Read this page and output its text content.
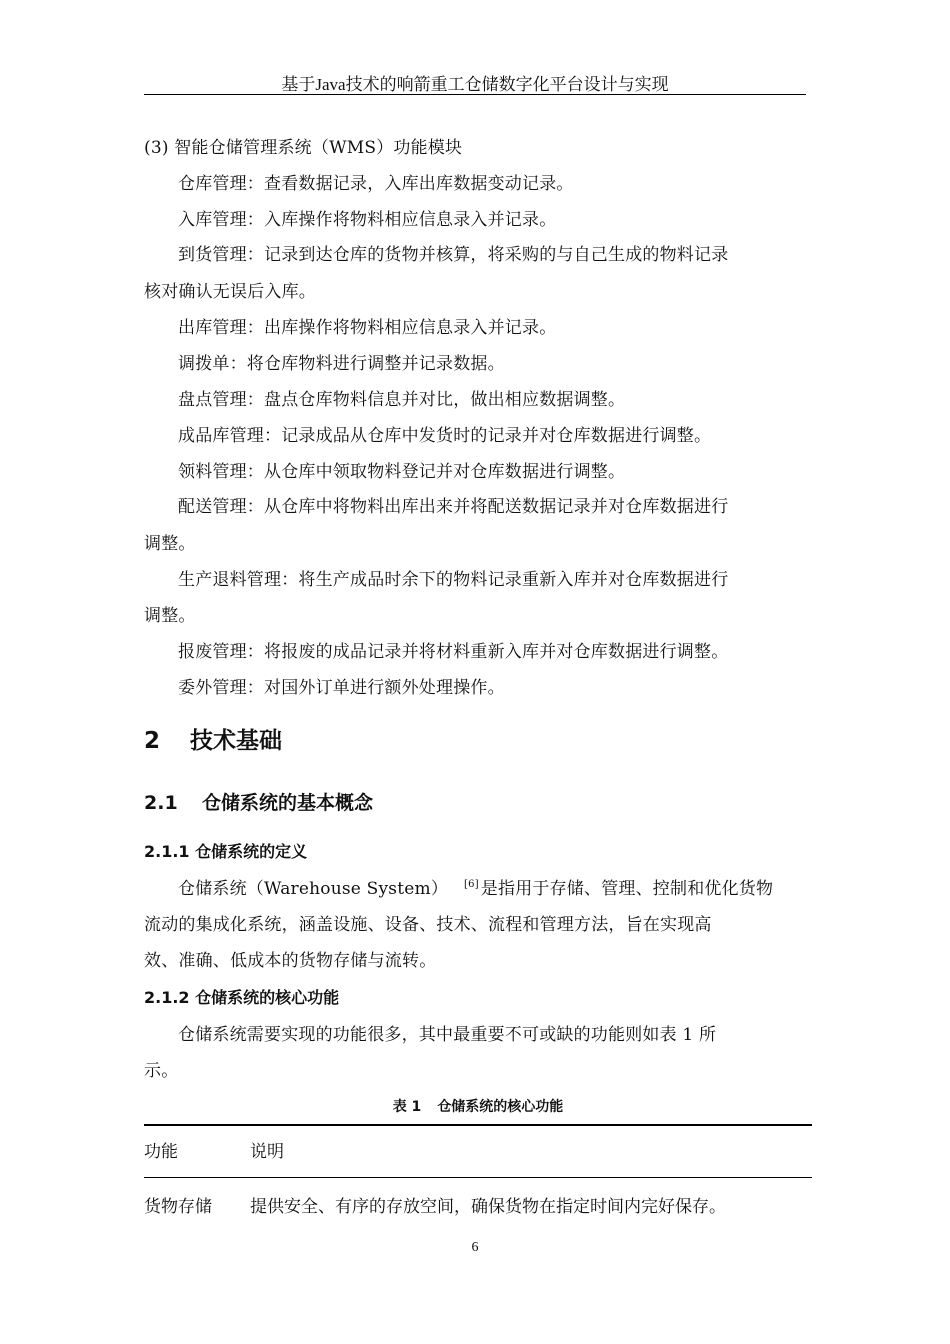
基于Java技术的响箭重工仓储数字化平台设计与实现
(3) 智能仓储管理系统（WMS）功能模块
仓库管理：查看数据记录，入库出库数据变动记录。
入库管理：入库操作将物料相应信息录入并记录。
到货管理：记录到达仓库的货物并核算，将采购的与自己生成的物料记录
核对确认无误后入库。
出库管理：出库操作将物料相应信息录入并记录。
调拨单：将仓库物料进行调整并记录数据。
盘点管理：盘点仓库物料信息并对比，做出相应数据调整。
成品库管理：记录成品从仓库中发货时的记录并对仓库数据进行调整。
领料管理：从仓库中领取物料登记并对仓库数据进行调整。
配送管理：从仓库中将物料出库出来并将配送数据记录并对仓库数据进行
调整。
生产退料管理：将生产成品时余下的物料记录重新入库并对仓库数据进行
调整。
报废管理：将报废的成品记录并将材料重新入库并对仓库数据进行调整。
委外管理：对国外订单进行额外处理操作。
2 技术基础
2.1 仓储系统的基本概念
2.1.1 仓储系统的定义
仓储系统（Warehouse System） [6] 是指用于存储、管理、控制和优化货物
流动的集成化系统，涵盖设施、设备、技术、流程和管理方法，旨在实现高
效、准确、低成本的货物存储与流转。
2.1.2 仓储系统的核心功能
仓储系统需要实现的功能很多，其中最重要不可或缺的功能则如表 1 所
示。
表 1 仓储系统的核心功能
功能	说明
货物存储 提供安全、有序的存放空间，确保货物在指定时间内完好保存。
6
